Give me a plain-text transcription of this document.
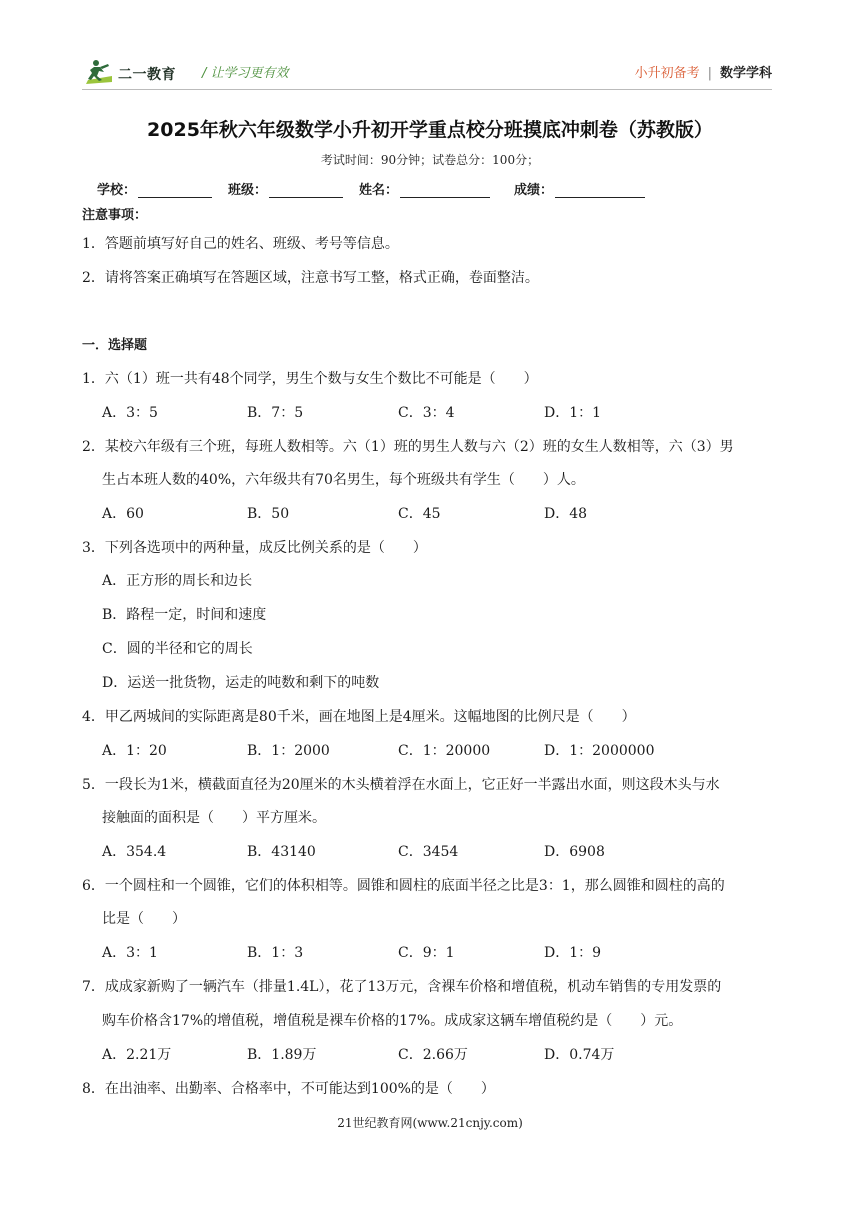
二一教育 / 让学习更有效	小升初备考 | 数学学科
2025年秋六年级数学小升初开学重点校分班摸底冲刺卷（苏教版）
考试时间：90分钟；试卷总分：100分；
学校：	班级：	姓名：	成绩：
注意事项：
1．答题前填写好自己的姓名、班级、考号等信息。
2．请将答案正确填写在答题区域，注意书写工整，格式正确，卷面整洁。
一．选择题
1．六（1）班一共有48个同学，男生个数与女生个数比不可能是（　　）
A．3：5	B．7：5	C．3：4	D．1：1
2．某校六年级有三个班，每班人数相等。六（1）班的男生人数与六（2）班的女生人数相等，六（3）男
生占本班人数的40%，六年级共有70名男生，每个班级共有学生（　　）人。
A．60	B．50	C．45	D．48
3．下列各选项中的两种量，成反比例关系的是（　　）
A．正方形的周长和边长
B．路程一定，时间和速度
C．圆的半径和它的周长
D．运送一批货物，运走的吨数和剩下的吨数
4．甲乙两城间的实际距离是80千米，画在地图上是4厘米。这幅地图的比例尺是（　　）
A．1：20	B．1：2000	C．1：20000	D．1：2000000
5．一段长为1米，横截面直径为20厘米的木头横着浮在水面上，它正好一半露出水面，则这段木头与水
接触面的面积是（　　）平方厘米。
A．354.4	B．43140	C．3454	D．6908
6．一个圆柱和一个圆锥，它们的体积相等。圆锥和圆柱的底面半径之比是3：1，那么圆锥和圆柱的高的
比是（　　）
A．3：1	B．1：3	C．9：1	D．1：9
7．成成家新购了一辆汽车（排量1.4L），花了13万元，含裸车价格和增值税，机动车销售的专用发票的
购车价格含17%的增值税，增值税是裸车价格的17%。成成家这辆车增值税约是（　　）元。
A．2.21万	B．1.89万	C．2.66万	D．0.74万
8．在出油率、出勤率、合格率中，不可能达到100%的是（　　）
21世纪教育网(www.21cnjy.com)
